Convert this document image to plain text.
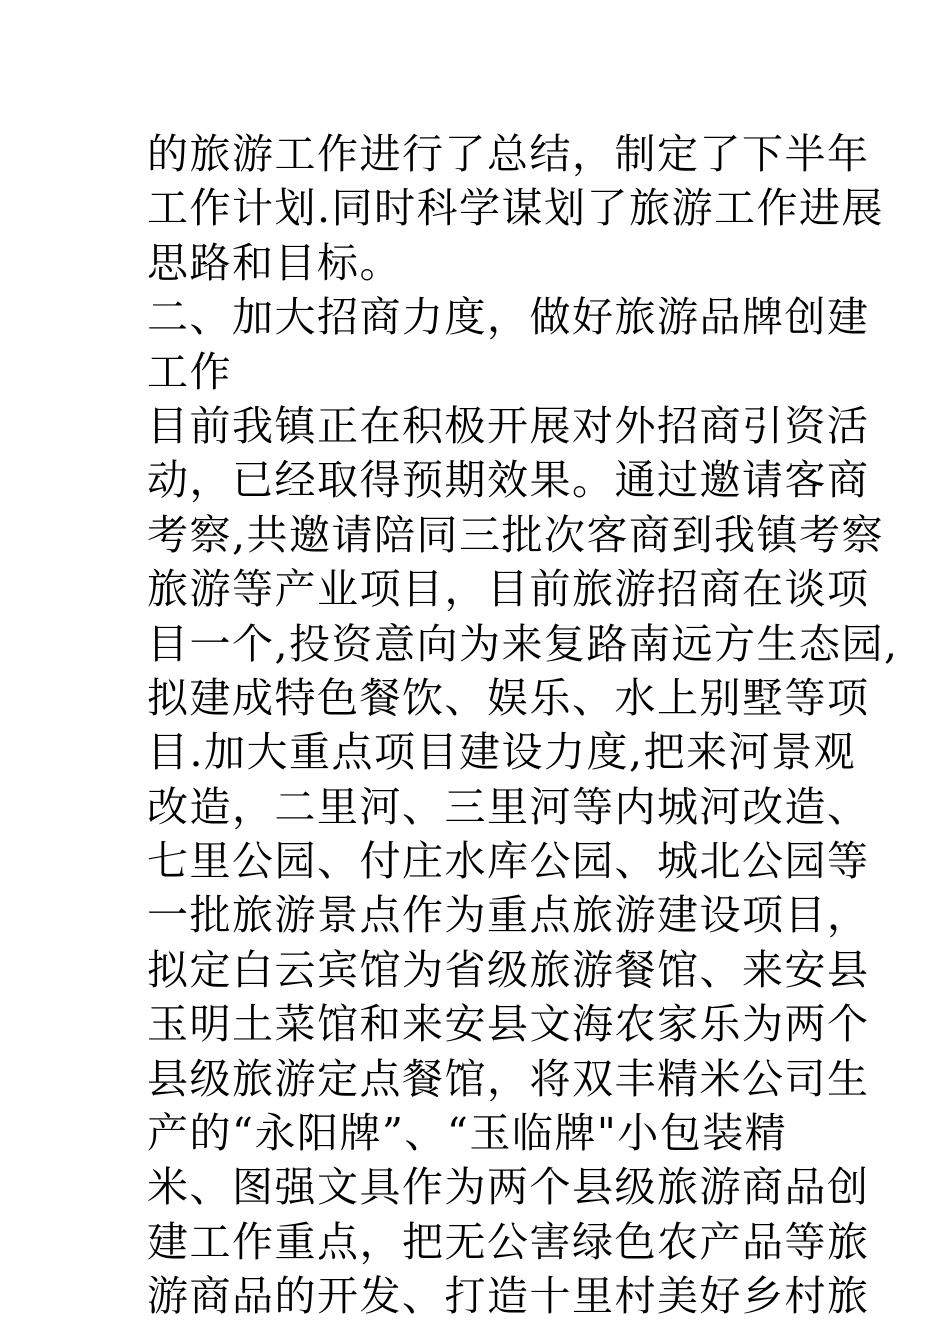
的旅游工作进行了总结，制定了下半年

工作计划.同时科学谋划了旅游工作进展

思路和目标。

二、加大招商力度，做好旅游品牌创建

工作

目前我镇正在积极开展对外招商引资活

动，已经取得预期效果。通过邀请客商

考察,共邀请陪同三批次客商到我镇考察

旅游等产业项目，目前旅游招商在谈项

目一个,投资意向为来复路南远方生态园,

拟建成特色餐饮、娱乐、水上别墅等项

目.加大重点项目建设力度,把来河景观

改造，二里河、三里河等内城河改造、

七里公园、付庄水库公园、城北公园等

一批旅游景点作为重点旅游建设项目，

拟定白云宾馆为省级旅游餐馆、来安县

玉明土菜馆和来安县文海农家乐为两个

县级旅游定点餐馆，将双丰精米公司生

产的“永阳牌”、“玉临牌"小包装精

米、图强文具作为两个县级旅游商品创

建工作重点，把无公害绿色农产品等旅

游商品的开发、打造十里村美好乡村旅
